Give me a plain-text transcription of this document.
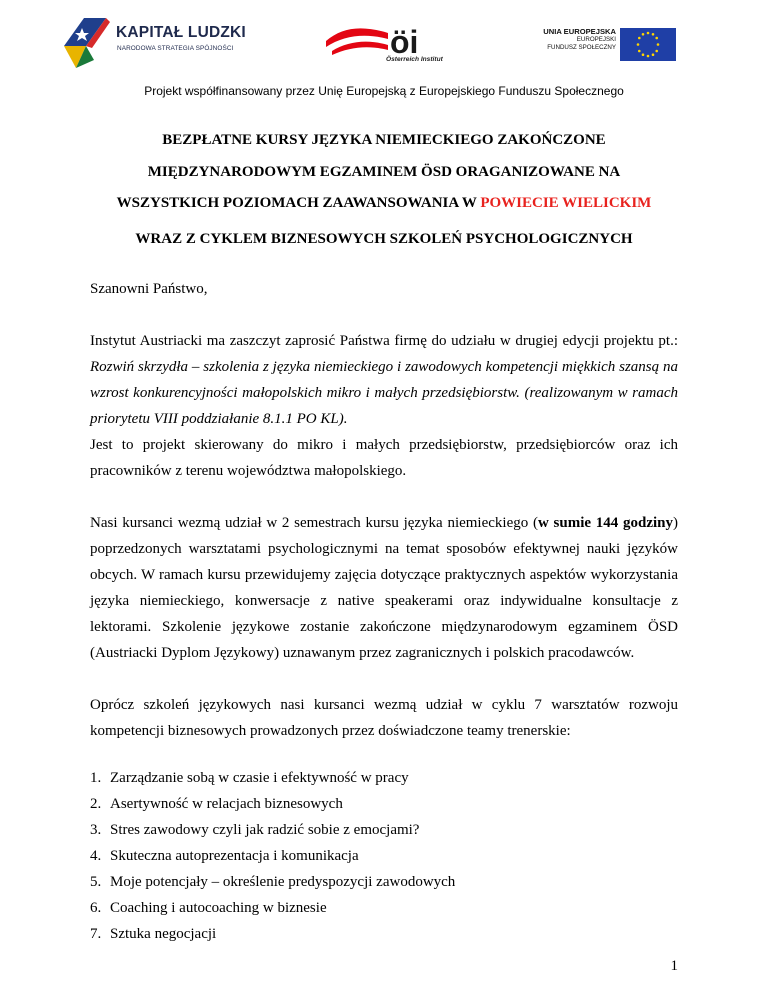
KAPITAŁ LUDZKI
NARODOWA STRATEGIA SPÓJNOŚCI	öi
Österreich Institut
UNIA EUROPEJSKA
EUROPEJSKI
FUNDUSZ SPOŁECZNY
Projekt współfinansowany przez Unię Europejską z Europejskiego Funduszu Społecznego
BEZPŁATNE KURSY JĘZYKA NIEMIECKIEGO ZAKOŃCZONE
MIĘDZYNARODOWYM EGZAMINEM ÖSD ORAGANIZOWANE NA
WSZYSTKICH POZIOMACH ZAAWANSOWANIA W POWIECIE WIELICKIM
WRAZ Z CYKLEM BIZNESOWYCH SZKOLEŃ PSYCHOLOGICZNYCH

Szanowni Państwo,

Instytut Austriacki ma zaszczyt zaprosić Państwa firmę do udziału w drugiej edycji projektu pt.: Rozwiń skrzydła – szkolenia z języka niemieckiego i zawodowych kompetencji miękkich szansą na wzrost konkurencyjności małopolskich mikro i małych przedsiębiorstw. (realizowanym w ramach priorytetu VIII poddziałanie 8.1.1 PO KL).

Jest to projekt skierowany do mikro i małych przedsiębiorstw, przedsiębiorców oraz ich pracowników z terenu województwa małopolskiego.

Nasi kursanci wezmą udział w 2 semestrach kursu języka niemieckiego (w sumie 144 godziny) poprzedzonych warsztatami psychologicznymi na temat sposobów efektywnej nauki języków obcych. W ramach kursu przewidujemy zajęcia dotyczące praktycznych aspektów wykorzystania języka niemieckiego, konwersacje z native speakerami oraz indywidualne konsultacje z lektorami. Szkolenie językowe zostanie zakończone międzynarodowym egzaminem ÖSD (Austriacki Dyplom Językowy) uznawanym przez zagranicznych i polskich pracodawców.

Oprócz szkoleń językowych nasi kursanci wezmą udział w cyklu 7 warsztatów rozwoju kompetencji biznesowych prowadzonych przez doświadczone teamy trenerskie:

1. Zarządzanie sobą w czasie i efektywność w pracy
2. Asertywność w relacjach biznesowych
3. Stres zawodowy czyli jak radzić sobie z emocjami?
4. Skuteczna autoprezentacja i komunikacja
5. Moje potencjały – określenie predyspozycji zawodowych
6. Coaching i autocoaching w biznesie
7. Sztuka negocjacji
1
